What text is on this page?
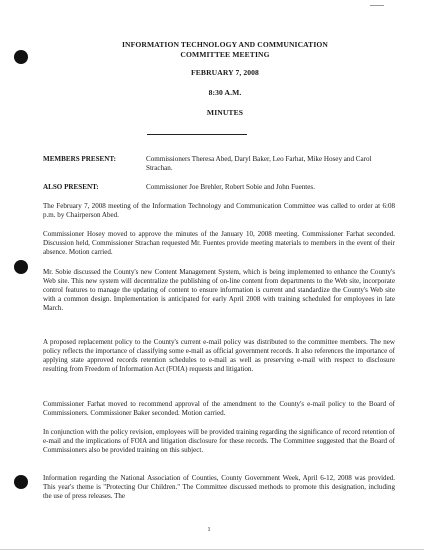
INFORMATION TECHNOLOGY AND COMMUNICATION
COMMITTEE MEETING
FEBRUARY 7, 2008
8:30 A.M.
MINUTES
MEMBERS PRESENT:	Commissioners Theresa Abed, Daryl Baker, Leo Farhat, Mike Hosey and Carol Strachan.
ALSO PRESENT:	Commissioner Joe Brehler, Robert Sobie and John Fuentes.
The February 7, 2008 meeting of the Information Technology and Communication Committee was called to order at 6:08 p.m. by Chairperson Abed.
Commissioner Hosey moved to approve the minutes of the January 10, 2008 meeting. Commissioner Farhat seconded. Discussion held, Commissioner Strachan requested Mr. Fuentes provide meeting materials to members in the event of their absence. Motion carried.
Mr. Sobie discussed the County's new Content Management System, which is being implemented to enhance the County's Web site. This new system will decentralize the publishing of on-line content from departments to the Web site, incorporate control features to manage the updating of content to ensure information is current and standardize the County's Web site with a common design. Implementation is anticipated for early April 2008 with training scheduled for employees in late March.
A proposed replacement policy to the County's current e-mail policy was distributed to the committee members. The new policy reflects the importance of classifying some e-mail as official government records. It also references the importance of applying state approved records retention schedules to e-mail as well as preserving e-mail with respect to disclosure resulting from Freedom of Information Act (FOIA) requests and litigation.
Commissioner Farhat moved to recommend approval of the amendment to the County's e-mail policy to the Board of Commissioners. Commissioner Baker seconded. Motion carried.
In conjunction with the policy revision, employees will be provided training regarding the significance of record retention of e-mail and the implications of FOIA and litigation disclosure for these records. The Committee suggested that the Board of Commissioners also be provided training on this subject.
Information regarding the National Association of Counties, County Government Week, April 6-12, 2008 was provided. This year's theme is "Protecting Our Children." The Committee discussed methods to promote this designation, including the use of press releases. The
1
